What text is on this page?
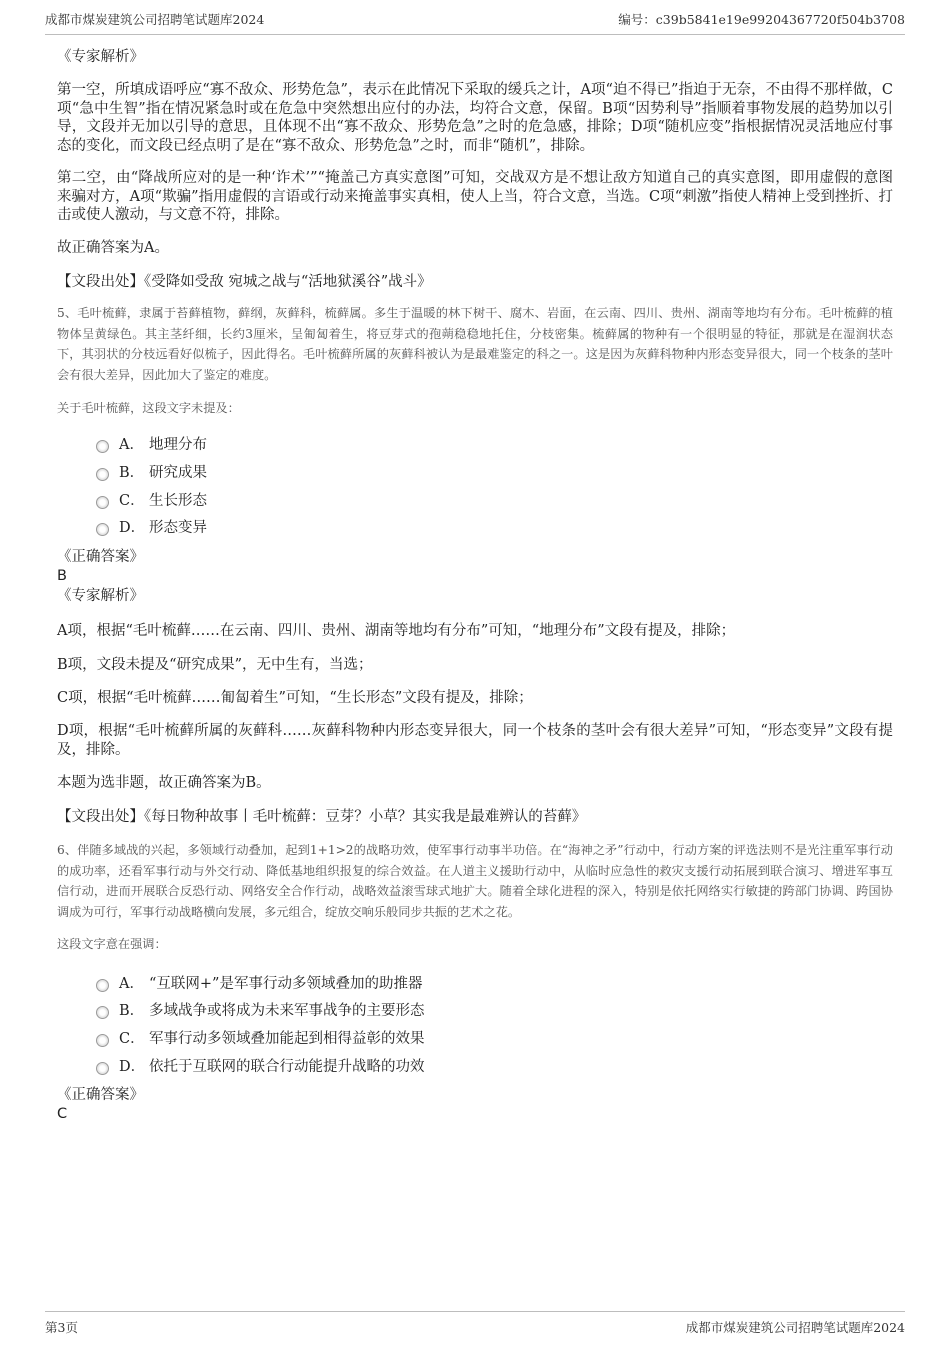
成都市煤炭建筑公司招聘笔试题库2024	编号：c39b5841e19e99204367720f504b3708
《专家解析》

第一空，所填成语呼应“寡不敌众、形势危急”，表示在此情况下采取的缓兵之计，A项“迫不得已”指迫于无奈，不由得不那样做，C项“急中生智”指在情况紧急时或在危急中突然想出应付的办法，均符合文意，保留。B项“因势利导”指顺着事物发展的趋势加以引导，文段并无加以引导的意思，且体现不出“寡不敌众、形势危急”之时的危急感，排除；D项“随机应变”指根据情况灵活地应付事态的变化，而文段已经点明了是在“寡不敌众、形势危急”之时，而非“随机”，排除。

第二空，由“降战所应对的是一种‘诈术’”“掩盖己方真实意图”可知，交战双方是不想让敌方知道自己的真实意图，即用虚假的意图来骗对方，A项“欺骗”指用虚假的言语或行动来掩盖事实真相，使人上当，符合文意，当选。C项“刺激”指使人精神上受到挫折、打击或使人激动，与文意不符，排除。

故正确答案为A。
【文段出处】《受降如受敌 宛城之战与“活地狱溪谷”战斗》

5、毛叶梳藓，隶属于苔藓植物，藓纲，灰藓科，梳藓属。多生于温暖的林下树干、腐木、岩面，在云南、四川、贵州、湖南等地均有分布。毛叶梳藓的植物体呈黄绿色。其主茎纤细，长约3厘米，呈匍匐着生，将豆芽式的孢蒴稳稳地托住，分枝密集。梳藓属的物种有一个很明显的特征，那就是在湿润状态下，其羽状的分枝远看好似梳子，因此得名。毛叶梳藓所属的灰藓科被认为是最难鉴定的科之一。这是因为灰藓科物种内形态变异很大，同一个枝条的茎叶会有很大差异，因此加大了鉴定的难度。

关于毛叶梳藓，这段文字未提及：
A． 地理分布
B． 研究成果
C． 生长形态
D． 形态变异
《正确答案》
B
《专家解析》
A项，根据“毛叶梳藓……在云南、四川、贵州、湖南等地均有分布”可知，“地理分布”文段有提及，排除；
B项，文段未提及“研究成果”，无中生有，当选；
C项，根据“毛叶梳藓……匍匐着生”可知，“生长形态”文段有提及，排除；

D项，根据“毛叶梳藓所属的灰藓科……灰藓科物种内形态变异很大，同一个枝条的茎叶会有很大差异”可知，“形态变异”文段有提及，排除。

本题为选非题，故正确答案为B。
【文段出处】《每日物种故事丨毛叶梳藓：豆芽？小草？其实我是最难辨认的苔藓》

6、伴随多域战的兴起，多领域行动叠加，起到1+1>2的战略功效，使军事行动事半功倍。在“海神之矛”行动中，行动方案的评选法则不是光注重军事行动的成功率，还看军事行动与外交行动、降低基地组织报复的综合效益。在人道主义援助行动中，从临时应急性的救灾支援行动拓展到联合演习、增进军事互信行动，进而开展联合反恐行动、网络安全合作行动，战略效益滚雪球式地扩大。随着全球化进程的深入，特别是依托网络实行敏捷的跨部门协调、跨国协调成为可行，军事行动战略横向发展，多元组合，绽放交响乐般同步共振的艺术之花。

这段文字意在强调：
A． “互联网+”是军事行动多领域叠加的助推器
B． 多域战争或将成为未来军事战争的主要形态
C． 军事行动多领域叠加能起到相得益彰的效果
D． 依托于互联网的联合行动能提升战略的功效
《正确答案》
C
第3页	成都市煤炭建筑公司招聘笔试题库2024
